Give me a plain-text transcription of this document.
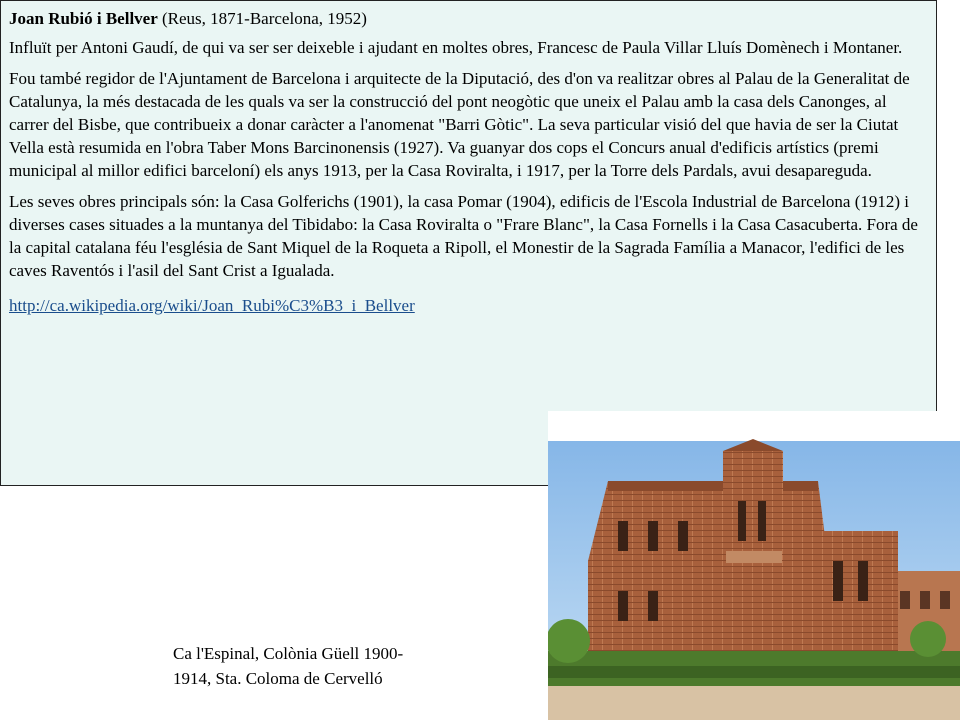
Joan Rubió i Bellver (Reus, 1871-Barcelona, 1952)

Influït per Antoni Gaudí, de qui va ser ser deixeble i ajudant en moltes obres, Francesc de Paula Villar Lluís Domènech i Montaner.

Fou també regidor de l'Ajuntament de Barcelona i arquitecte de la Diputació, des d'on va realitzar obres al Palau de la Generalitat de Catalunya, la més destacada de les quals va ser la construcció del pont neogòtic que uneix el Palau amb la casa dels Canonges, al carrer del Bisbe, que contribueix a donar caràcter a l'anomenat "Barri Gòtic". La seva particular visió del que havia de ser la Ciutat Vella està resumida en l'obra Taber Mons Barcinonensis (1927). Va guanyar dos cops el Concurs anual d'edificis artístics (premi municipal al millor edifici barceloní) els anys 1913, per la Casa Roviralta, i 1917, per la Torre dels Pardals, avui desapareguda.

Les seves obres principals són: la Casa Golferichs (1901), la casa Pomar (1904), edificis de l'Escola Industrial de Barcelona (1912) i diverses cases situades a la muntanya del Tibidabo: la Casa Roviralta o "Frare Blanc", la Casa Fornells i la Casa Casacuberta. Fora de la capital catalana féu l'església de Sant Miquel de la Roqueta a Ripoll, el Monestir de la Sagrada Família a Manacor, l'edifici de les caves Raventós i l'asil del Sant Crist a Igualada.

http://ca.wikipedia.org/wiki/Joan_Rubi%C3%B3_i_Bellver
Ca l'Espinal, Colònia Güell 1900-
1914, Sta. Coloma de Cervelló
